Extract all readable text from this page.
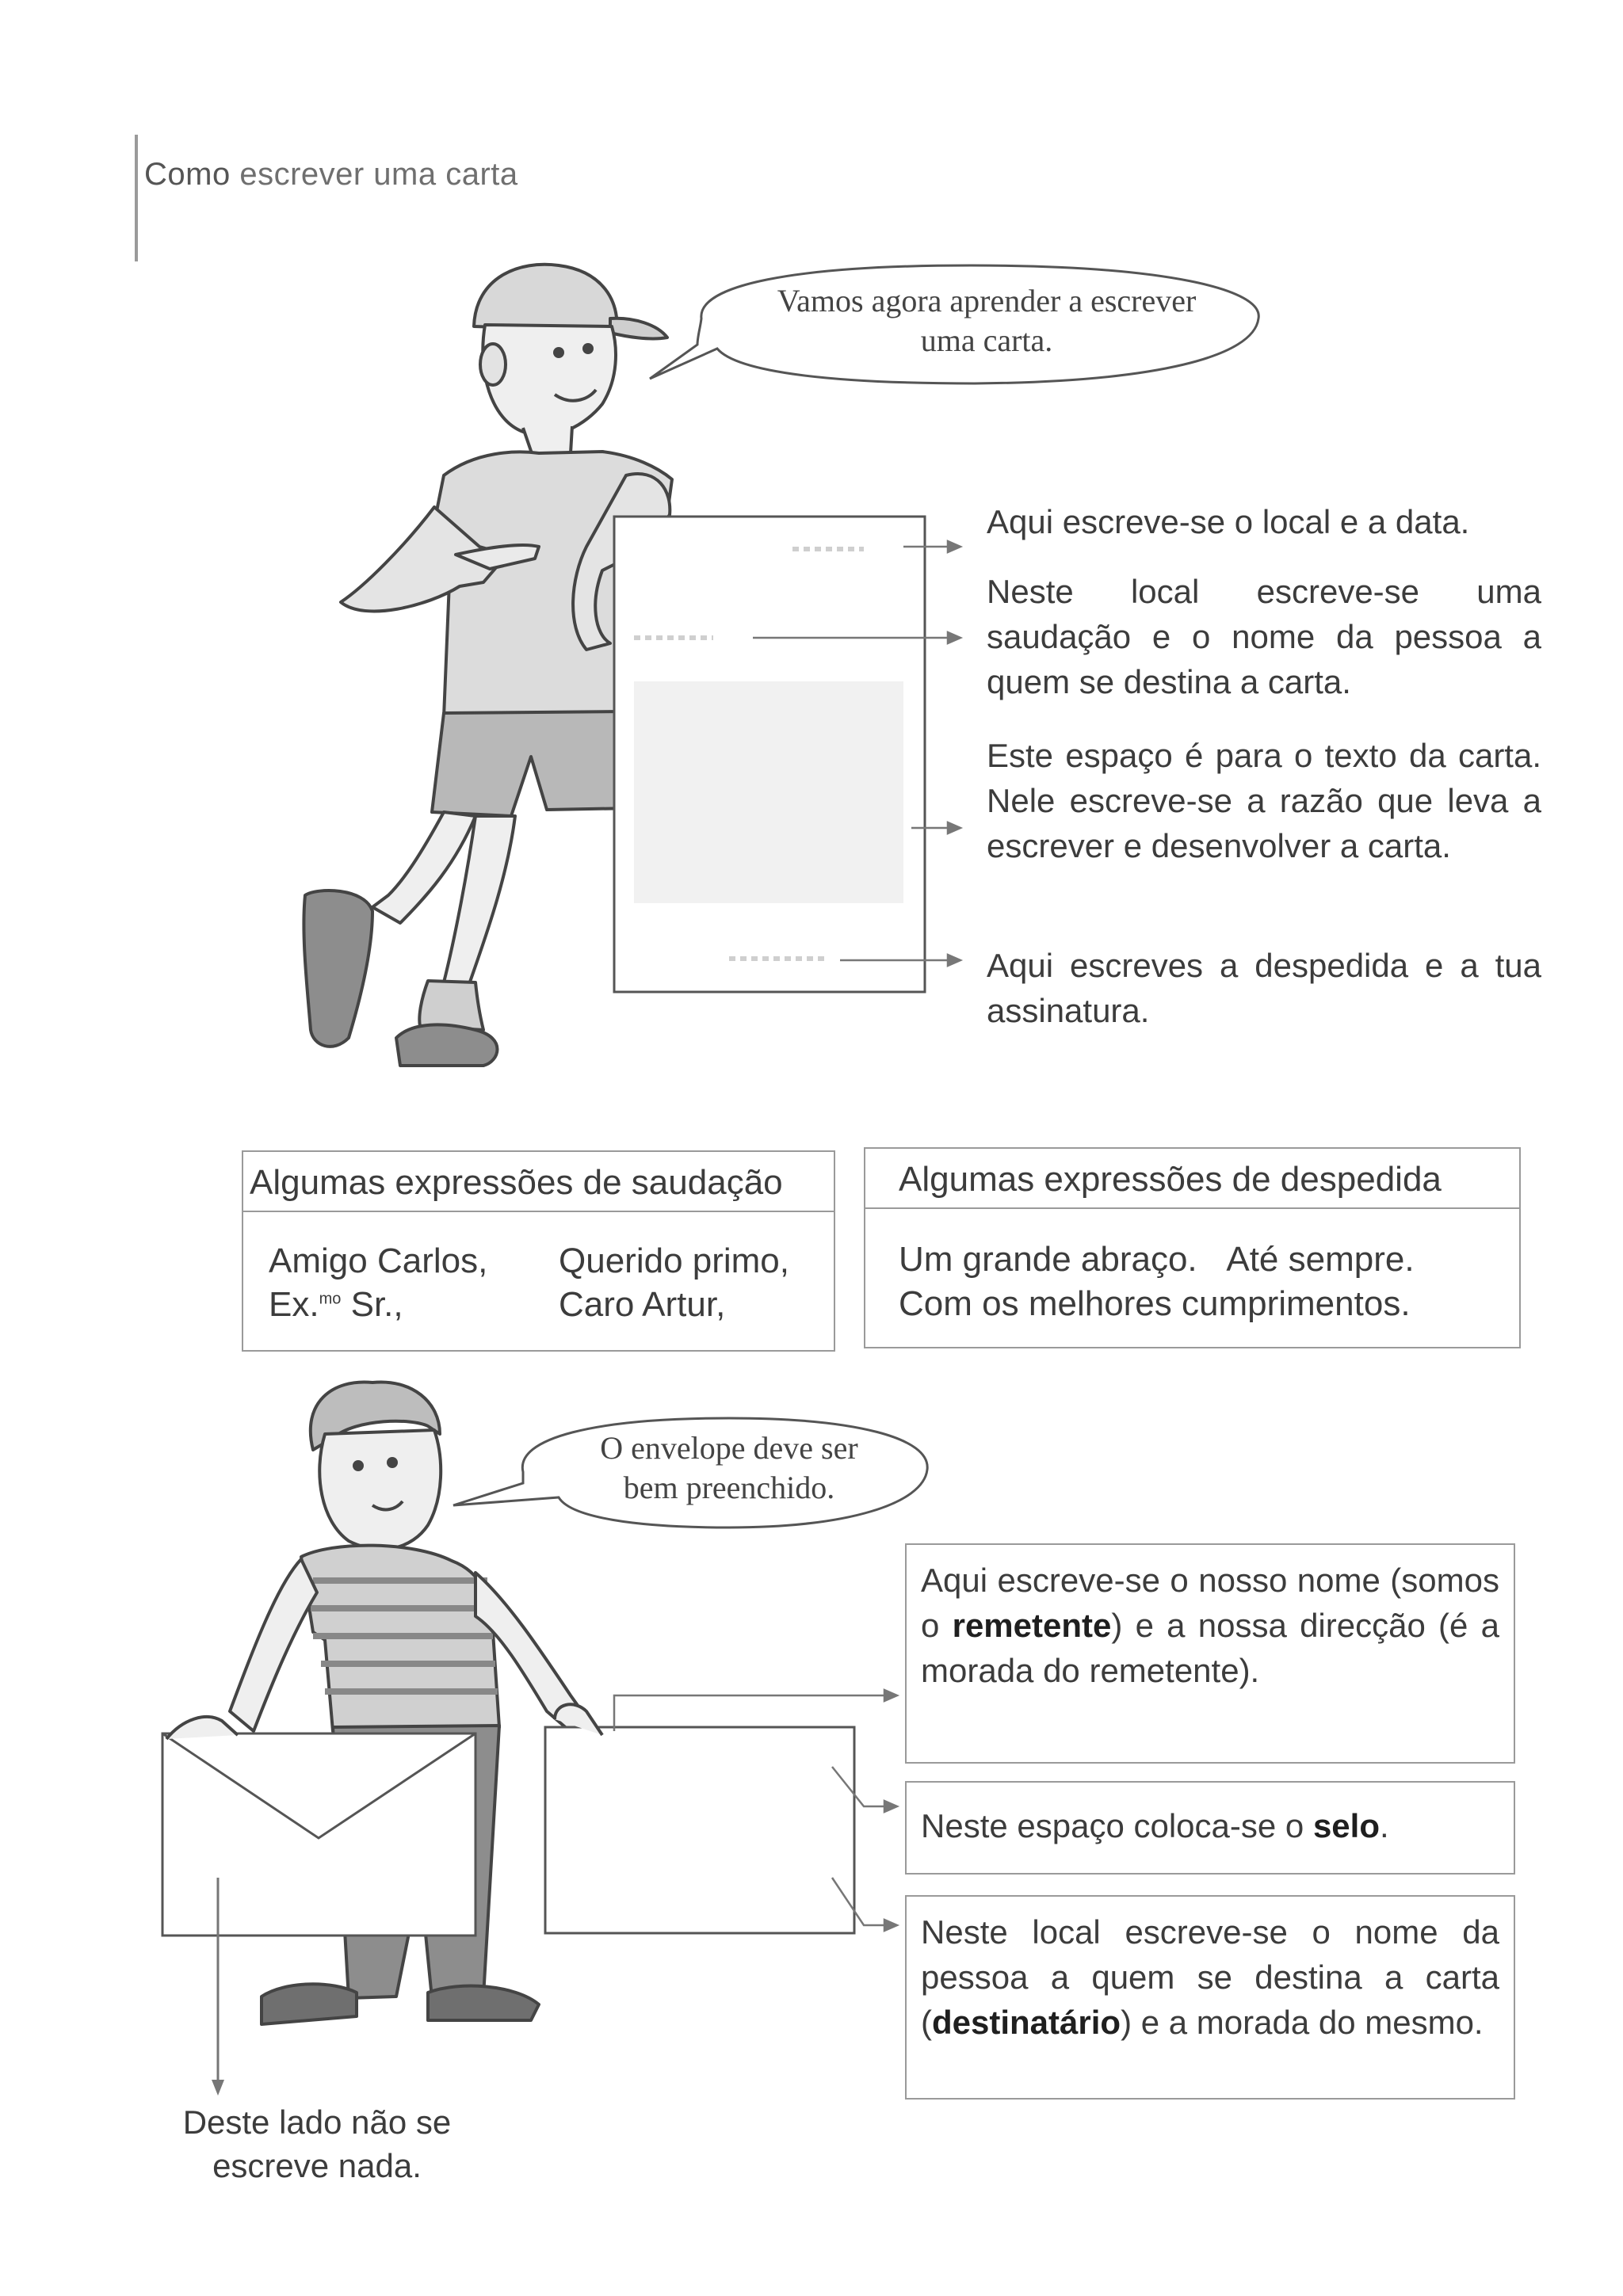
Como escrever uma carta
Vamos agora aprender a escrever uma carta.
O envelope deve ser bem preenchido.
Aqui escreve-se o local e a data.
Neste local escreve-se uma saudação e o nome da pessoa a quem se destina a carta.
Este espaço é para o texto da carta. Nele escreve-se a razão que leva a escrever e desenvolver a carta.
Aqui escreves a despedida e a tua assinatura.
Algumas expressões de saudação
Amigo Carlos, Querido primo,
Ex.$^{mo}$ Sr.,	Caro Artur,
Algumas expressões de despedida
Um grande abraço. Até sempre.
Com os melhores cumprimentos.
Aqui escreve-se o nosso nome (somos o remetente) e a nossa direcção (é a morada do remetente).
Neste espaço coloca-se o selo.
Neste local escreve-se o nome da pessoa a quem se destina a carta (destinatário) e a morada do mesmo.
Deste lado não se escreve nada.
